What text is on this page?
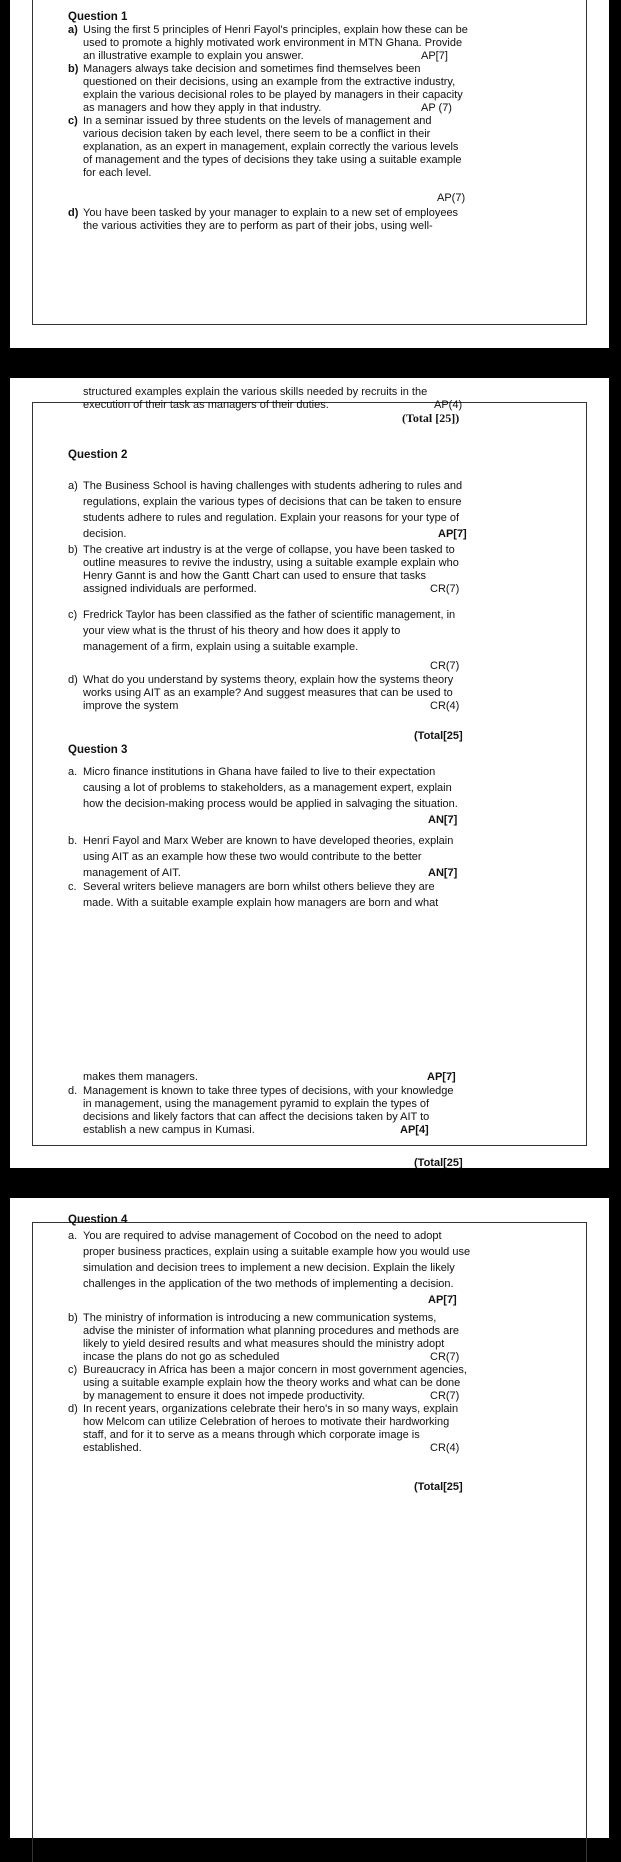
Question 1
a) Using the first 5 principles of Henri Fayol's principles, explain how these can be
used to promote a highly motivated work environment in MTN Ghana. Provide
an illustrative example to explain you answer.	AP[7]
b) Managers always take decision and sometimes find themselves been
questioned on their decisions, using an example from the extractive industry,
explain the various decisional roles to be played by managers in their capacity
as managers and how they apply in that industry.	AP (7)
c) In a seminar issued by three students on the levels of management and
various decision taken by each level, there seem to be a conflict in their
explanation, as an expert in management, explain correctly the various levels
of management and the types of decisions they take using a suitable example
for each level.
AP(7)
d) You have been tasked by your manager to explain to a new set of employees
the various activities they are to perform as part of their jobs, using well-
structured examples explain the various skills needed by recruits in the
execution of their task as managers of their duties.	AP(4)
(Total [25])
Question 2
a) The Business School is having challenges with students adhering to rules and
regulations, explain the various types of decisions that can be taken to ensure
students adhere to rules and regulation. Explain your reasons for your type of
decision.	AP[7]
b) The creative art industry is at the verge of collapse, you have been tasked to
outline measures to revive the industry, using a suitable example explain who
Henry Gannt is and how the Gantt Chart can used to ensure that tasks
assigned individuals are performed.	CR(7)
c) Fredrick Taylor has been classified as the father of scientific management, in
your view what is the thrust of his theory and how does it apply to
management of a firm, explain using a suitable example.
CR(7)
d) What do you understand by systems theory, explain how the systems theory
works using AIT as an example? And suggest measures that can be used to
improve the system	CR(4)
(Total[25]
Question 3
a. Micro finance institutions in Ghana have failed to live to their expectation
causing a lot of problems to stakeholders, as a management expert, explain
how the decision-making process would be applied in salvaging the situation.
AN[7]
b. Henri Fayol and Marx Weber are known to have developed theories, explain
using AIT as an example how these two would contribute to the better
management of AIT.	AN[7]
c. Several writers believe managers are born whilst others believe they are
made. With a suitable example explain how managers are born and what
makes them managers.	AP[7]
d. Management is known to take three types of decisions, with your knowledge
in management, using the management pyramid to explain the types of
decisions and likely factors that can affect the decisions taken by AIT to
establish a new campus in Kumasi.	AP[4]
(Total[25]
Question 4
a. You are required to advise management of Cocobod on the need to adopt
proper business practices, explain using a suitable example how you would use
simulation and decision trees to implement a new decision. Explain the likely
challenges in the application of the two methods of implementing a decision.
AP[7]
b) The ministry of information is introducing a new communication systems,
advise the minister of information what planning procedures and methods are
likely to yield desired results and what measures should the ministry adopt
incase the plans do not go as scheduled	CR(7)
c) Bureaucracy in Africa has been a major concern in most government agencies,
using a suitable example explain how the theory works and what can be done
by management to ensure it does not impede productivity.	CR(7)
d) In recent years, organizations celebrate their hero's in so many ways, explain
how Melcom can utilize Celebration of heroes to motivate their hardworking
staff, and for it to serve as a means through which corporate image is
established.	CR(4)
(Total[25]
